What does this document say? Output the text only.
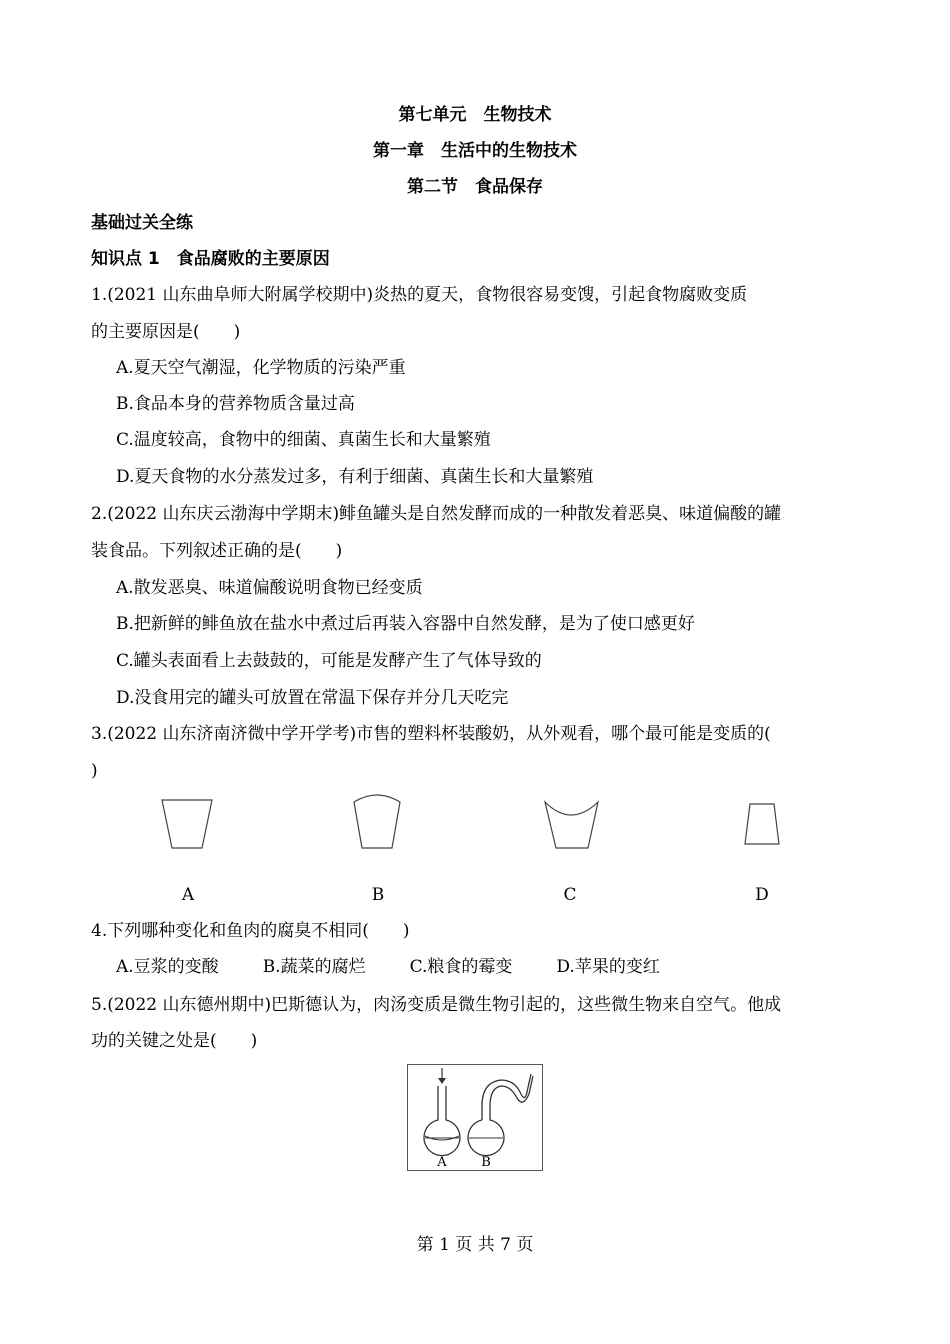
第七单元　生物技术
第一章　生活中的生物技术
第二节　食品保存
基础过关全练
知识点 1　食品腐败的主要原因
1.(2021 山东曲阜师大附属学校期中)炎热的夏天，食物很容易变馊，引起食物腐败变质
的主要原因是(　　)
A.夏天空气潮湿，化学物质的污染严重
B.食品本身的营养物质含量过高
C.温度较高，食物中的细菌、真菌生长和大量繁殖
D.夏天食物的水分蒸发过多，有利于细菌、真菌生长和大量繁殖
2.(2022 山东庆云渤海中学期末)鲱鱼罐头是自然发酵而成的一种散发着恶臭、味道偏酸的罐
装食品。下列叙述正确的是(　　)
A.散发恶臭、味道偏酸说明食物已经变质
B.把新鲜的鲱鱼放在盐水中煮过后再装入容器中自然发酵，是为了使口感更好
C.罐头表面看上去鼓鼓的，可能是发酵产生了气体导致的
D.没食用完的罐头可放置在常温下保存并分几天吃完
3.(2022 山东济南济微中学开学考)市售的塑料杯装酸奶，从外观看，哪个最可能是变质的(
)
A	B	C	D
4.下列哪种变化和鱼肉的腐臭不相同(　　)
A.豆浆的变酸	B.蔬菜的腐烂	C.粮食的霉变	D.苹果的变红
5.(2022 山东德州期中)巴斯德认为，肉汤变质是微生物引起的，这些微生物来自空气。他成
功的关键之处是(　　)
A	B
第 1 页 共 7 页
